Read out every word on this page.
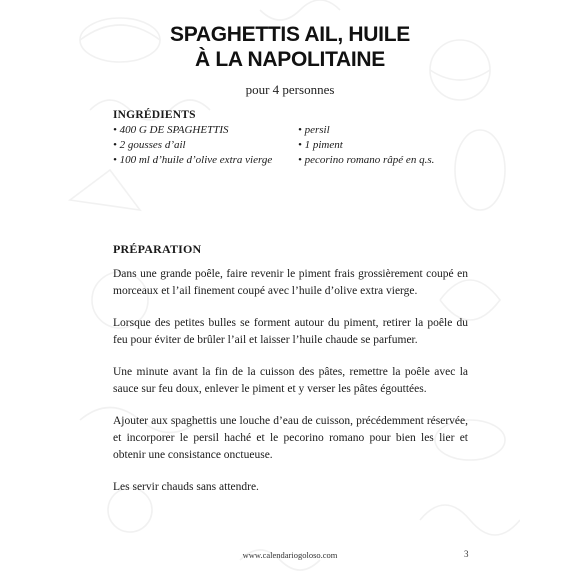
SPAGHETTIS AIL, HUILE
À LA NAPOLITAINE
pour 4 personnes
INGRÉDIENTS
• 400 G DE SPAGHETTIS
• 2 gousses d’ail
• 100 ml d’huile d’olive extra vierge
• persil
• 1 piment
• pecorino romano râpé en q.s.
PRÉPARATION

Dans une grande poêle, faire revenir le piment frais grossièrement coupé en morceaux et l’ail finement coupé avec l’huile d’olive extra vierge.

Lorsque des petites bulles se forment autour du piment, retirer la poêle du feu pour éviter de brûler l’ail et laisser l’huile chaude se parfumer.

Une minute avant la fin de la cuisson des pâtes, remettre la poêle avec la sauce sur feu doux, enlever le piment et y verser les pâtes égouttées.

Ajouter aux spaghettis une louche d’eau de cuisson, précédemment réservée, et incorporer le persil haché et le pecorino romano pour bien les lier et obtenir une consistance onctueuse.

Les servir chauds sans attendre.

www.calendariogoloso.com	3
